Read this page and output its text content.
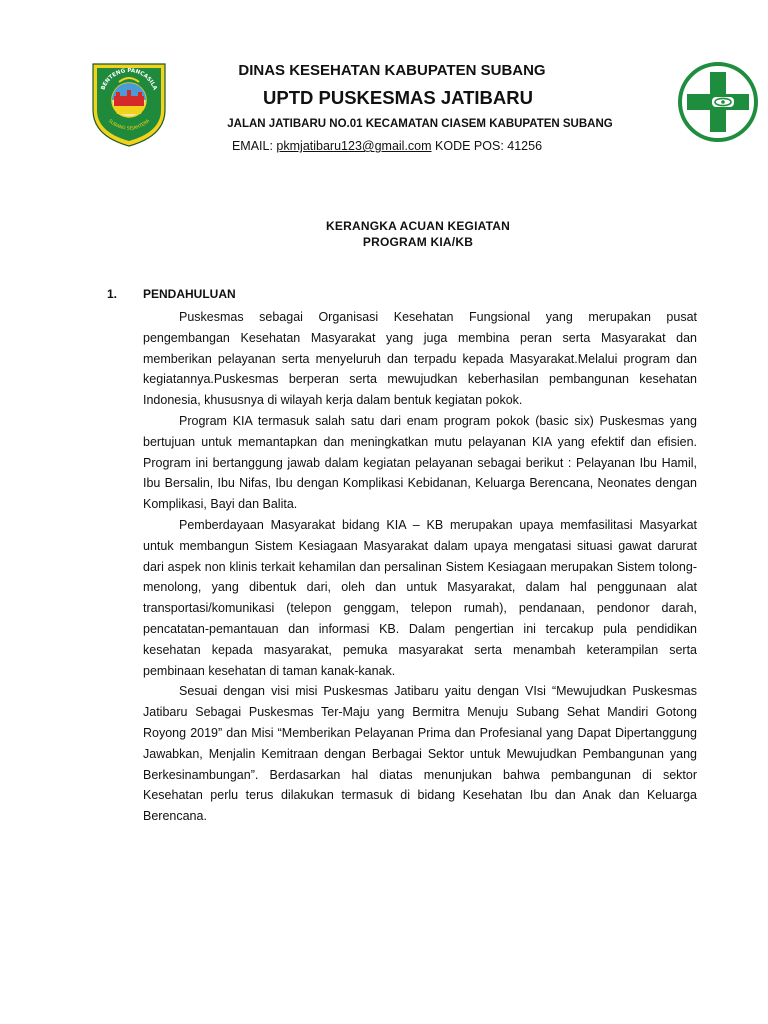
BENTENG PANCASILA
SUBANG SEJAHTERA
DINAS KESEHATAN KABUPATEN SUBANG
UPTD PUSKESMAS JATIBARU
JALAN JATIBARU NO.01 KECAMATAN CIASEM KABUPATEN SUBANG
EMAIL: pkmjatibaru123@gmail.com KODE POS: 41256
KERANGKA ACUAN KEGIATAN
PROGRAM KIA/KB
1. PENDAHULUAN

Puskesmas sebagai Organisasi Kesehatan Fungsional yang merupakan pusat pengembangan Kesehatan Masyarakat yang juga membina peran serta Masyarakat dan memberikan pelayanan serta menyeluruh dan terpadu kepada Masyarakat.Melalui program dan kegiatannya.Puskesmas berperan serta mewujudkan keberhasilan pembangunan kesehatan Indonesia, khususnya di wilayah kerja dalam bentuk kegiatan pokok.

Program KIA termasuk salah satu dari enam program pokok (basic six) Puskesmas yang bertujuan untuk memantapkan dan meningkatkan mutu pelayanan KIA yang efektif dan efisien. Program ini bertanggung jawab dalam kegiatan pelayanan sebagai berikut : Pelayanan Ibu Hamil, Ibu Bersalin, Ibu Nifas, Ibu dengan Komplikasi Kebidanan, Keluarga Berencana, Neonates dengan Komplikasi, Bayi dan Balita.

Pemberdayaan Masyarakat bidang KIA – KB merupakan upaya memfasilitasi Masyarkat untuk membangun Sistem Kesiagaan Masyarakat dalam upaya mengatasi situasi gawat darurat dari aspek non klinis terkait kehamilan dan persalinan Sistem Kesiagaan merupakan Sistem tolong-menolong, yang dibentuk dari, oleh dan untuk Masyarakat, dalam hal penggunaan alat transportasi/komunikasi (telepon genggam, telepon rumah), pendanaan, pendonor darah, pencatatan-pemantauan dan informasi KB. Dalam pengertian ini tercakup pula pendidikan kesehatan kepada masyarakat, pemuka masyarakat serta menambah keterampilan serta pembinaan kesehatan di taman kanak-kanak.

Sesuai dengan visi misi Puskesmas Jatibaru yaitu dengan VIsi “Mewujudkan Puskesmas Jatibaru Sebagai Puskesmas Ter-Maju yang Bermitra Menuju Subang Sehat Mandiri Gotong Royong 2019” dan Misi “Memberikan Pelayanan Prima dan Profesianal yang Dapat Dipertanggung Jawabkan, Menjalin Kemitraan dengan Berbagai Sektor untuk Mewujudkan Pembangunan yang Berkesinambungan”. Berdasarkan hal diatas menunjukan bahwa pembangunan di sektor Kesehatan perlu terus dilakukan termasuk di bidang Kesehatan Ibu dan Anak dan Keluarga Berencana.
